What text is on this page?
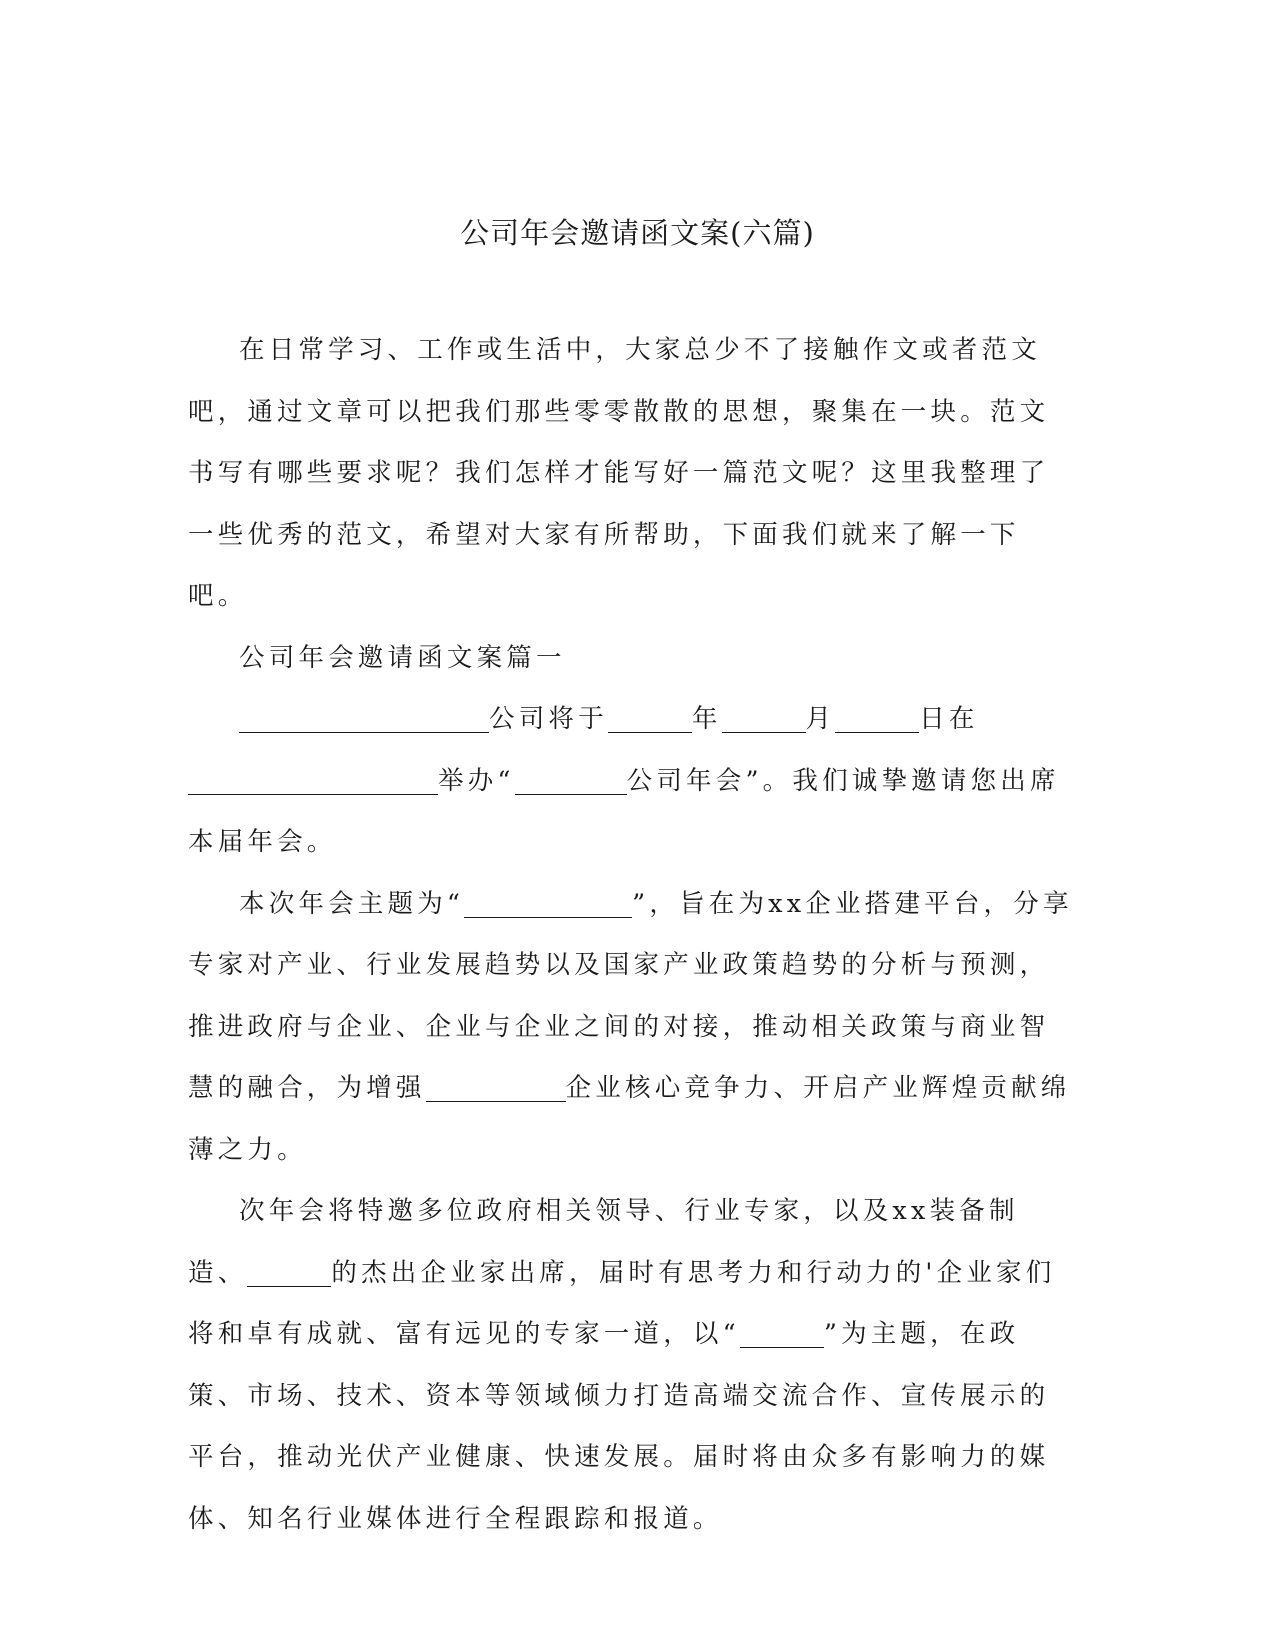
公司年会邀请函文案(六篇)

在日常学习、工作或生活中，大家总少不了接触作文或者范文吧，通过文章可以把我们那些零零散散的思想，聚集在一块。范文书写有哪些要求呢？我们怎样才能写好一篇范文呢？这里我整理了一些优秀的范文，希望对大家有所帮助，下面我们就来了解一下吧。

公司年会邀请函文案篇一

公司将于	年	月	日在举办“	公司年会”。我们诚挚邀请您出席本届年会。

本次年会主题为“	”，旨在为xx企业搭建平台，分享专家对产业、行业发展趋势以及国家产业政策趋势的分析与预测，推进政府与企业、企业与企业之间的对接，推动相关政策与商业智慧的融合，为增强	企业核心竞争力、开启产业辉煌贡献绵薄之力。

次年会将特邀多位政府相关领导、行业专家，以及xx装备制造、	的杰出企业家出席，届时有思考力和行动力的'企业家们将和卓有成就、富有远见的专家一道，以“	”为主题，在政策、市场、技术、资本等领域倾力打造高端交流合作、宣传展示的平台，推动光伏产业健康、快速发展。届时将由众多有影响力的媒体、知名行业媒体进行全程跟踪和报道。
